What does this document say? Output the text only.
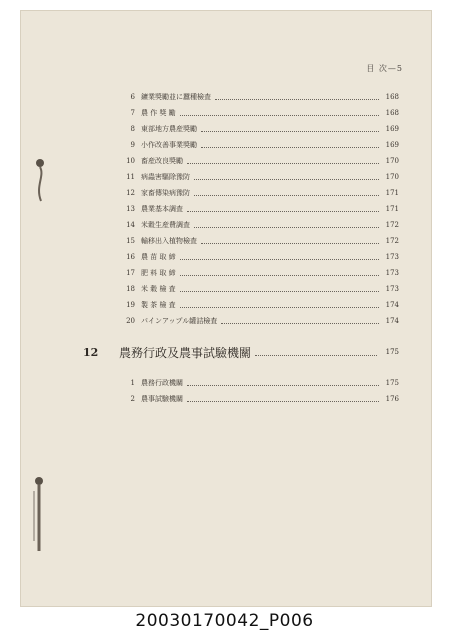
目 次—5
6 鑛業獎勵並に蠶種檢査	168
7 農 作 獎 勵	168
8 東部地方農産獎勵	169
9 小作改善事業獎勵	169
10 畜産改良獎勵	170
11 病蟲害驅除豫防	170
12 家畜傳染病豫防	171
13 農業基本調査	171
14 米穀生産費調査	172
15 輸移出入植物檢査	172
16 農 苗 取 締	173
17 肥 料 取 締	173
18 米 穀 檢 査	173
19 製 茶 檢 査	174
20 パインアップル罐詰檢査	174
12	農務行政及農事試驗機關	175
1 農務行政機關	175
2 農事試驗機關	176
20030170042_P006
